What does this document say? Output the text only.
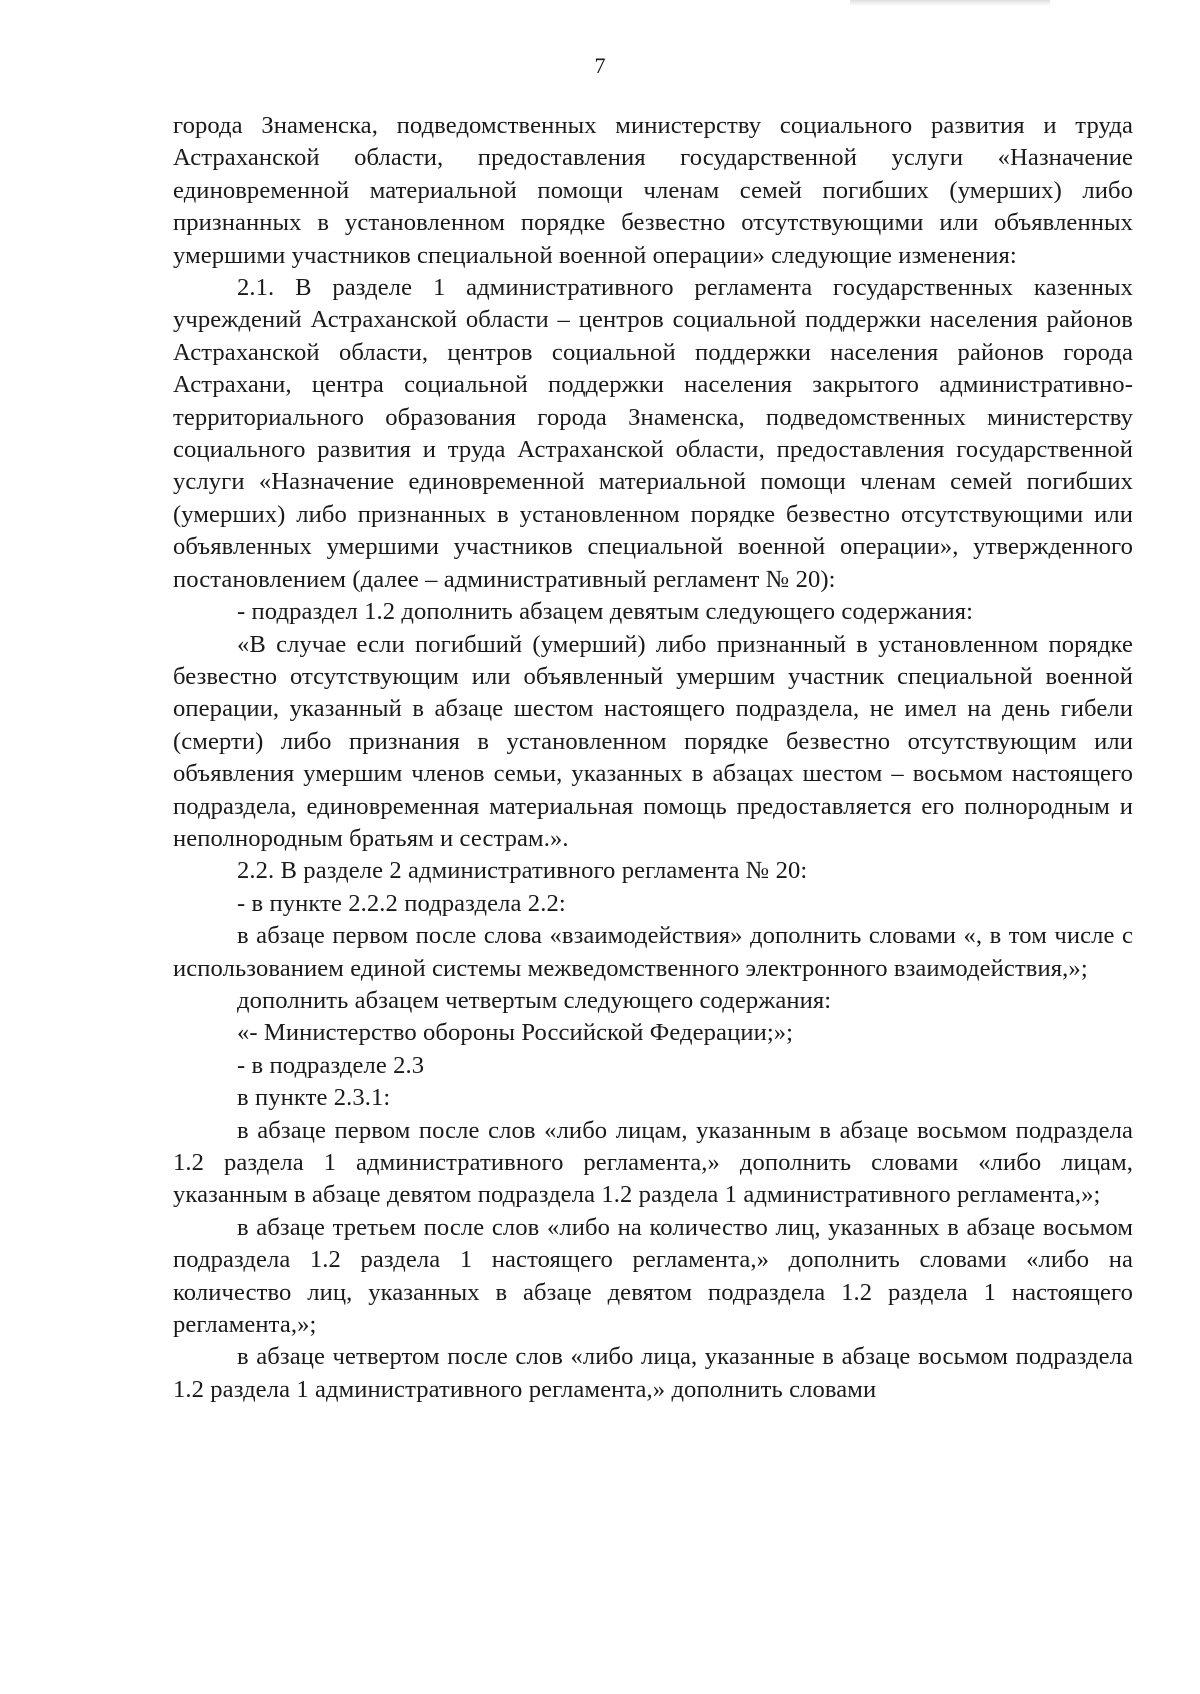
7

города Знаменска, подведомственных министерству социального развития и труда Астраханской области, предоставления государственной услуги «Назначение единовременной материальной помощи членам семей погибших (умерших) либо признанных в установленном порядке безвестно отсутствующими или объявленных умершими участников специальной военной операции» следующие изменения:

2.1. В разделе 1 административного регламента государственных казенных учреждений Астраханской области – центров социальной поддержки населения районов Астраханской области, центров социальной поддержки населения районов города Астрахани, центра социальной поддержки населения закрытого административно-территориального образования города Знаменска, подведомственных министерству социального развития и труда Астраханской области, предоставления государственной услуги «Назначение единовременной материальной помощи членам семей погибших (умерших) либо признанных в установленном порядке безвестно отсутствующими или объявленных умершими участников специальной военной операции», утвержденного постановлением (далее – административный регламент № 20):

- подраздел 1.2 дополнить абзацем девятым следующего содержания:

«В случае если погибший (умерший) либо признанный в установленном порядке безвестно отсутствующим или объявленный умершим участник специальной военной операции, указанный в абзаце шестом настоящего подраздела, не имел на день гибели (смерти) либо признания в установленном порядке безвестно отсутствующим или объявления умершим членов семьи, указанных в абзацах шестом – восьмом настоящего подраздела, единовременная материальная помощь предоставляется его полнородным и неполнородным братьям и сестрам.».

2.2. В разделе 2 административного регламента № 20:

- в пункте 2.2.2 подраздела 2.2:

в абзаце первом после слова «взаимодействия» дополнить словами «, в том числе с использованием единой системы межведомственного электронного взаимодействия,»;

дополнить абзацем четвертым следующего содержания:

«- Министерство обороны Российской Федерации;»;

- в подразделе 2.3

в пункте 2.3.1:

в абзаце первом после слов «либо лицам, указанным в абзаце восьмом подраздела 1.2 раздела 1 административного регламента,» дополнить словами «либо лицам, указанным в абзаце девятом подраздела 1.2 раздела 1 административного регламента,»;

в абзаце третьем после слов «либо на количество лиц, указанных в абзаце восьмом подраздела 1.2 раздела 1 настоящего регламента,» дополнить словами «либо на количество лиц, указанных в абзаце девятом подраздела 1.2 раздела 1 настоящего регламента,»;

в абзаце четвертом после слов «либо лица, указанные в абзаце восьмом подраздела 1.2 раздела 1 административного регламента,» дополнить словами
